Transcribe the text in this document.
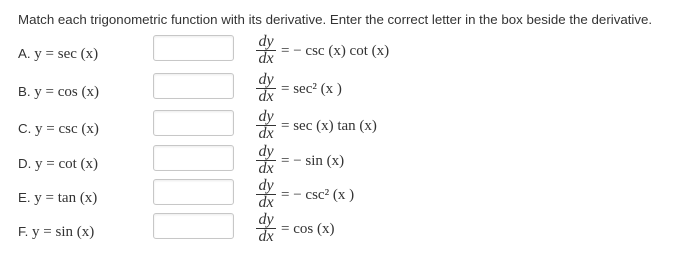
Match each trigonometric function with its derivative. Enter the correct letter in the box beside the derivative.
A. y = sec (x)
dy
dx = − csc (x) cot (x)
B. y = cos (x)
dy
dx = sec² (x )
C. y = csc (x)
dy
dx = sec (x) tan (x)
D. y = cot (x)
dy
dx = − sin (x)
E. y = tan (x)
dy
dx = − csc² (x )
F. y = sin (x)
dy
dx = cos (x)
